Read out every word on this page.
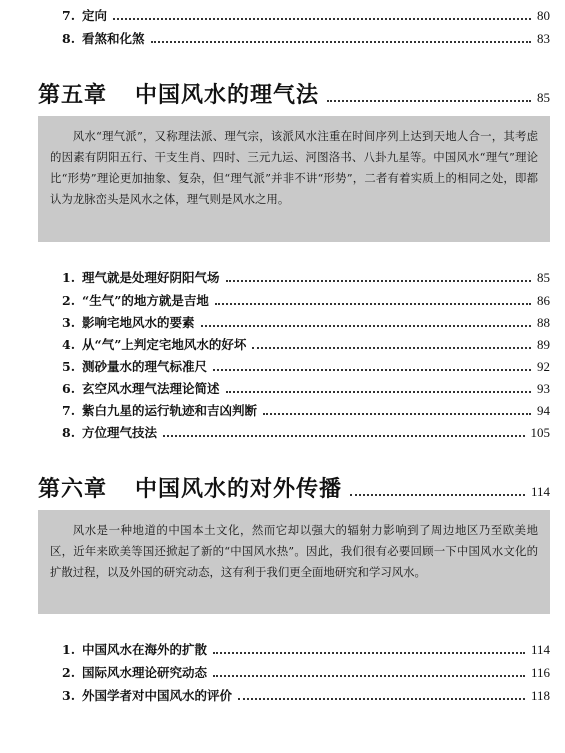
7. 定向	80
8. 看煞和化煞	83
第五章 中国风水的理气法	85

风水“理气派”，又称理法派、理气宗，该派风水注重在时间序列上达到天地人合一，其考虑的因素有阴阳五行、干支生肖、四时、三元九运、河图洛书、八卦九星等。中国风水“理气”理论比“形势”理论更加抽象、复杂，但“理气派”并非不讲“形势”，二者有着实质上的相同之处，即都认为龙脉峦头是风水之体，理气则是风水之用。

1. 理气就是处理好阴阳气场	85
2. “生气”的地方就是吉地	86
3. 影响宅地风水的要素	88
4. 从“气”上判定宅地风水的好坏	89
5. 测砂量水的理气标准尺	92
6. 玄空风水理气法理论简述	93
7. 紫白九星的运行轨迹和吉凶判断	94
8. 方位理气技法	105
第六章 中国风水的对外传播	114

风水是一种地道的中国本土文化，然而它却以强大的辐射力影响到了周边地区乃至欧美地区，近年来欧美等国还掀起了新的“中国风水热”。因此，我们很有必要回顾一下中国风水文化的扩散过程，以及外国的研究动态，这有利于我们更全面地研究和学习风水。

1. 中国风水在海外的扩散	114
2. 国际风水理论研究动态	116
3. 外国学者对中国风水的评价	118
